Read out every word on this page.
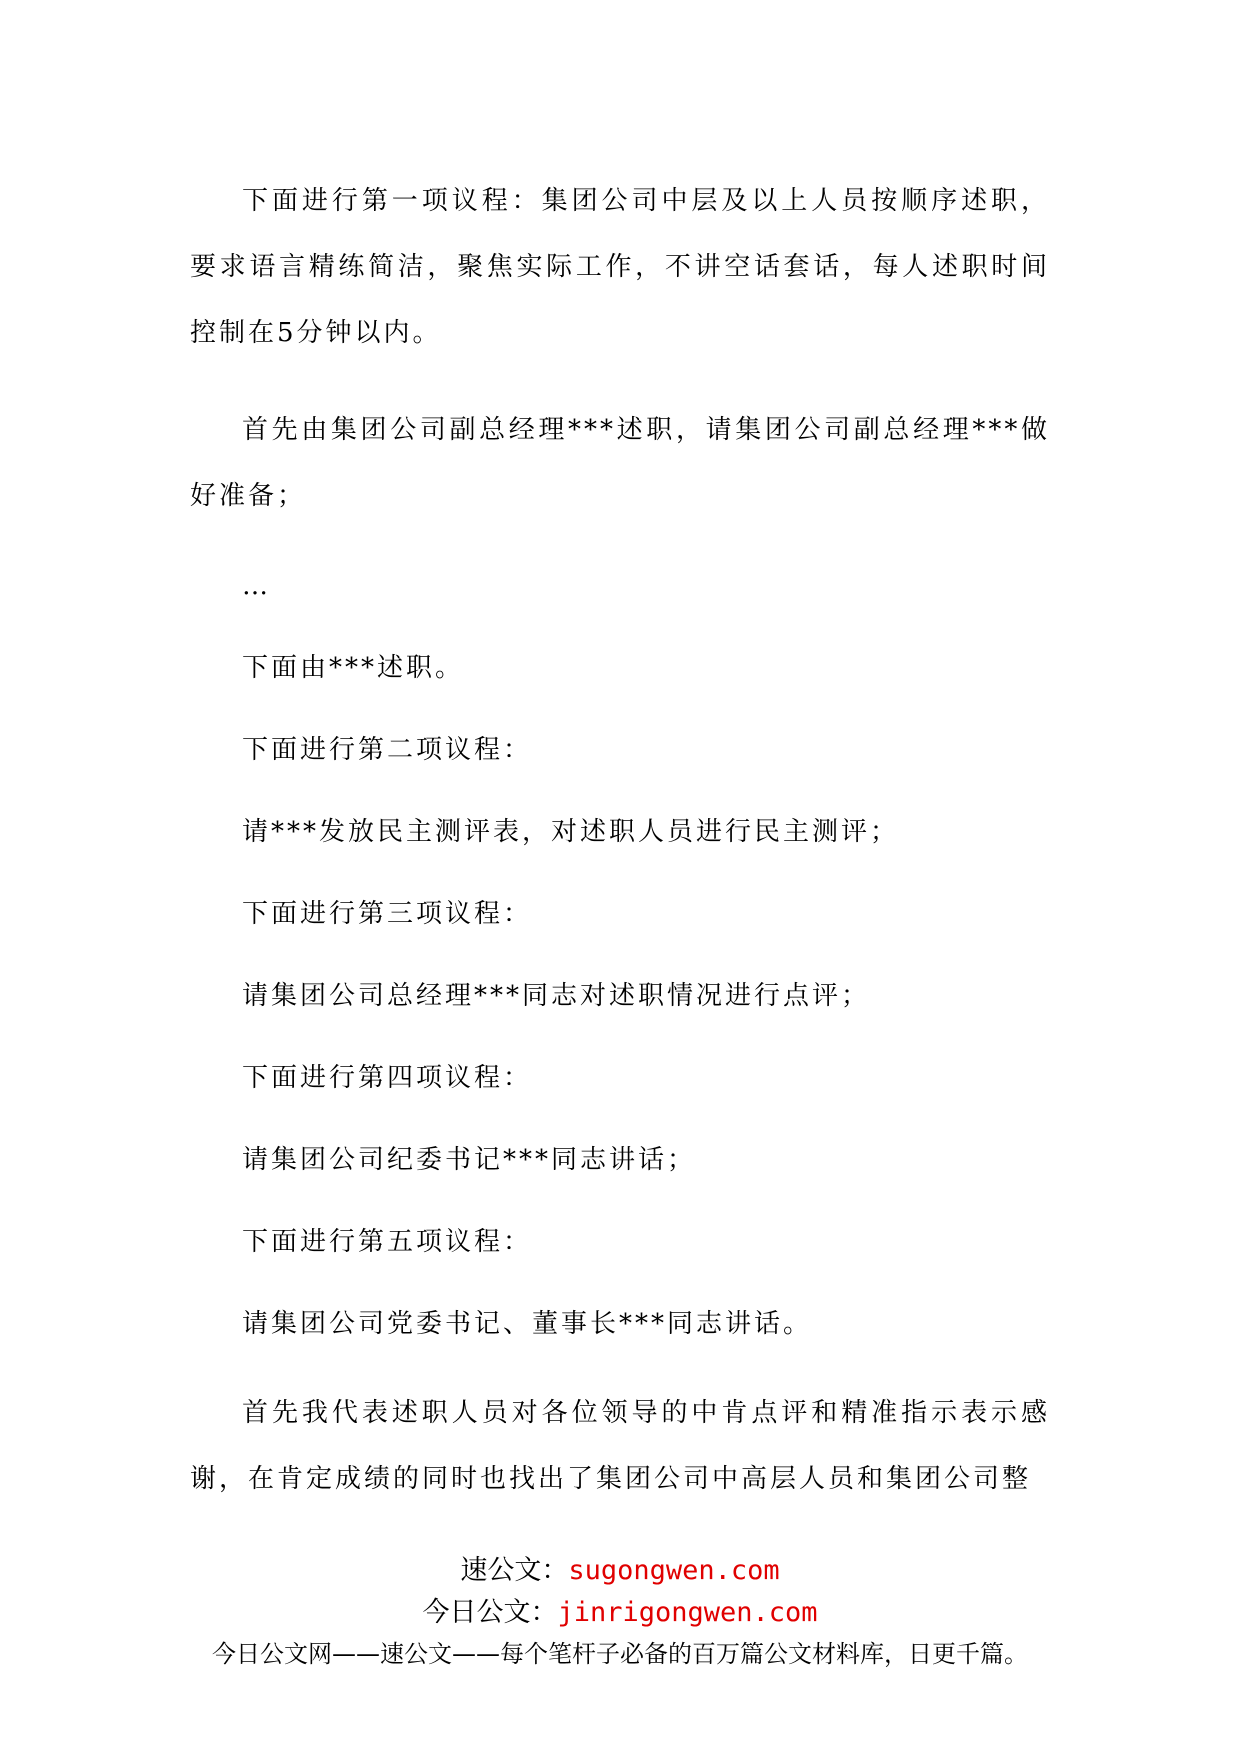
下面进行第一项议程：集团公司中层及以上人员按顺序述职，要求语言精练简洁，聚焦实际工作，不讲空话套话，每人述职时间控制在5分钟以内。

首先由集团公司副总经理***述职，请集团公司副总经理***做好准备；

…

下面由***述职。

下面进行第二项议程：

请***发放民主测评表，对述职人员进行民主测评；

下面进行第三项议程：

请集团公司总经理***同志对述职情况进行点评；

下面进行第四项议程：

请集团公司纪委书记***同志讲话；

下面进行第五项议程：

请集团公司党委书记、董事长***同志讲话。

首先我代表述职人员对各位领导的中肯点评和精准指示表示感谢，在肯定成绩的同时也找出了集团公司中高层人员和集团公司整

速公文：sugongwen.com
今日公文：jinrigongwen.com
今日公文网——速公文——每个笔杆子必备的百万篇公文材料库，日更千篇。
